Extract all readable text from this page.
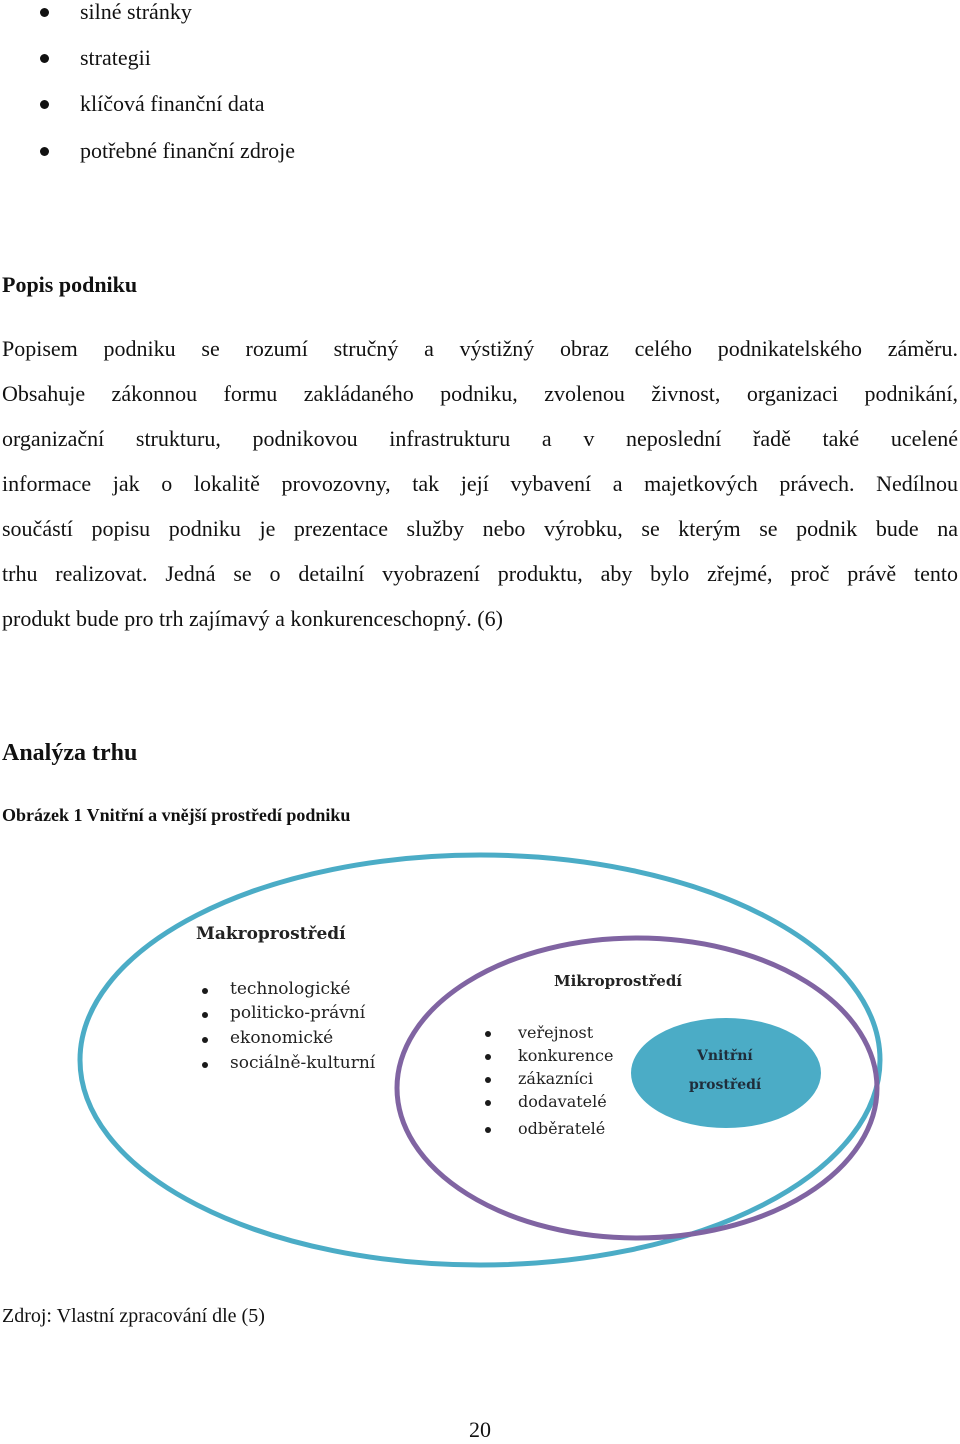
silné stránky
strategii
klíčová finanční data
potřebné finanční zdroje
Popis podniku
Popisem podniku se rozumí stručný a výstižný obraz celého podnikatelského záměru.
Obsahuje zákonnou formu zakládaného podniku, zvolenou živnost, organizaci podnikání,
organizační strukturu, podnikovou infrastrukturu a v neposlední řadě také ucelené
informace jak o lokalitě provozovny, tak její vybavení a majetkových právech. Nedílnou
součástí popisu podniku je prezentace služby nebo výrobku, se kterým se podnik bude na
trhu realizovat. Jedná se o detailní vyobrazení produktu, aby bylo zřejmé, proč právě tento
produkt bude pro trh zajímavý a konkurenceschopný. (6)
Analýza trhu
Obrázek 1 Vnitřní a vnější prostředí podniku
Makroprostředí
technologické
politicko-právní
ekonomické
sociálně-kulturní
Mikroprostředí
veřejnost
konkurence
zákazníci
dodavatelé
odběratelé
Vnitřní
prostředí
Zdroj: Vlastní zpracování dle (5)
20
